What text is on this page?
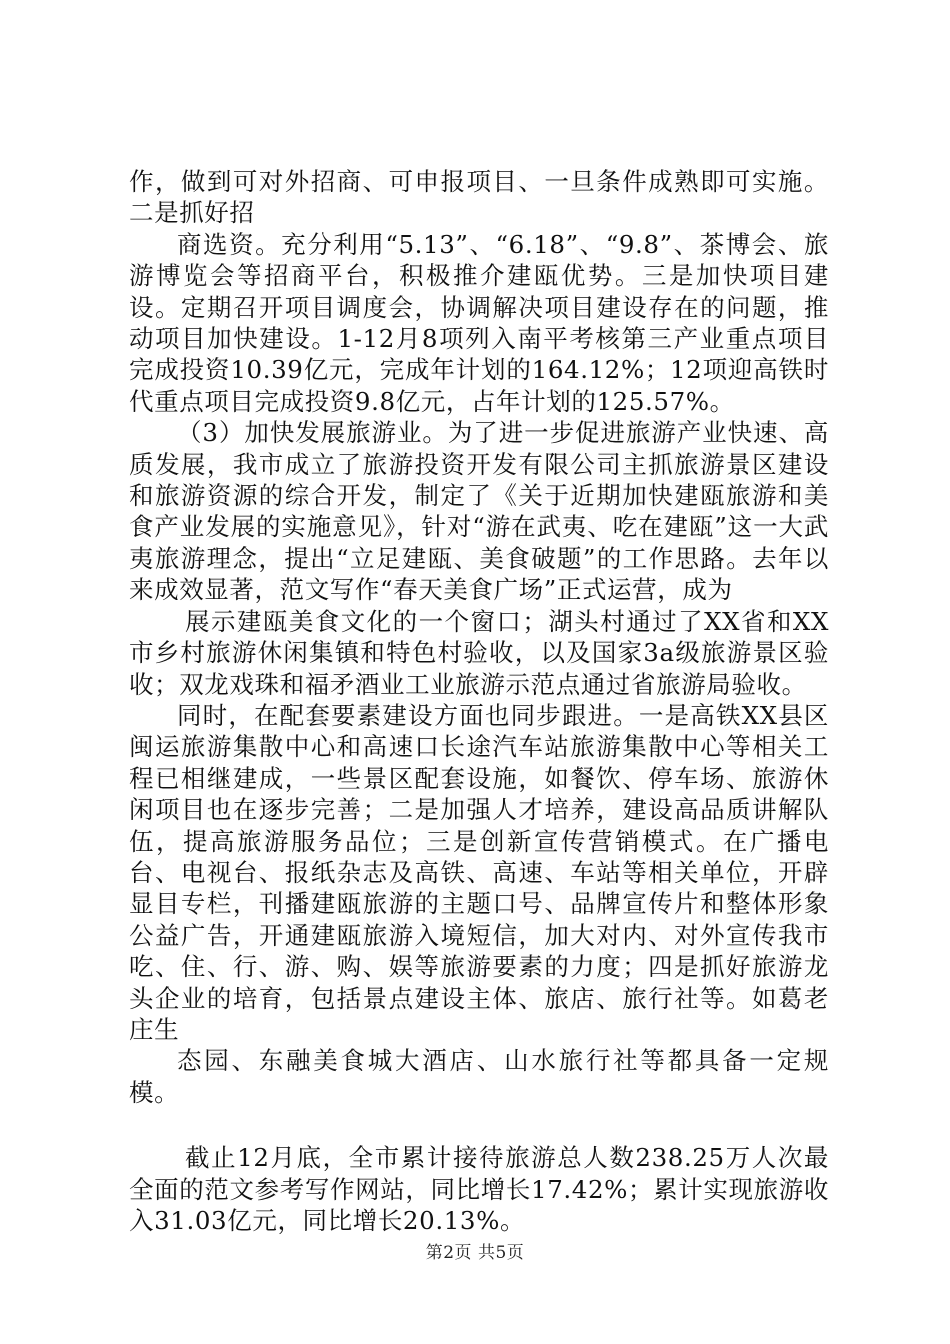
作，做到可对外招商、可申报项目、一旦条件成熟即可实施。二是抓好招

商选资。充分利用“5.13”、“6.18”、“9.8”、茶博会、旅游博览会等招商平台，积极推介建瓯优势。三是加快项目建设。定期召开项目调度会，协调解决项目建设存在的问题，推动项目加快建设。1-12月8项列入南平考核第三产业重点项目完成投资10.39亿元，完成年计划的164.12%；12项迎高铁时代重点项目完成投资9.8亿元，占年计划的125.57%。

（3）加快发展旅游业。为了进一步促进旅游产业快速、高质发展，我市成立了旅游投资开发有限公司主抓旅游景区建设和旅游资源的综合开发，制定了《关于近期加快建瓯旅游和美食产业发展的实施意见》，针对“游在武夷、吃在建瓯”这一大武夷旅游理念，提出“立足建瓯、美食破题”的工作思路。去年以来成效显著，范文写作“春天美食广场”正式运营，成为

展示建瓯美食文化的一个窗口；湖头村通过了XX省和XX市乡村旅游休闲集镇和特色村验收，以及国家3a级旅游景区验收；双龙戏珠和福矛酒业工业旅游示范点通过省旅游局验收。

同时，在配套要素建设方面也同步跟进。一是高铁XX县区闽运旅游集散中心和高速口长途汽车站旅游集散中心等相关工程已相继建成，一些景区配套设施，如餐饮、停车场、旅游休闲项目也在逐步完善；二是加强人才培养，建设高品质讲解队伍，提高旅游服务品位；三是创新宣传营销模式。在广播电台、电视台、报纸杂志及高铁、高速、车站等相关单位，开辟显目专栏，刊播建瓯旅游的主题口号、品牌宣传片和整体形象公益广告，开通建瓯旅游入境短信，加大对内、对外宣传我市吃、住、行、游、购、娱等旅游要素的力度；四是抓好旅游龙头企业的培育，包括景点建设主体、旅店、旅行社等。如葛老庄生

态园、东融美食城大酒店、山水旅行社等都具备一定规模。

截止12月底，全市累计接待旅游总人数238.25万人次最全面的范文参考写作网站，同比增长17.42%；累计实现旅游收入31.03亿元，同比增长20.13%。

第2页 共5页
